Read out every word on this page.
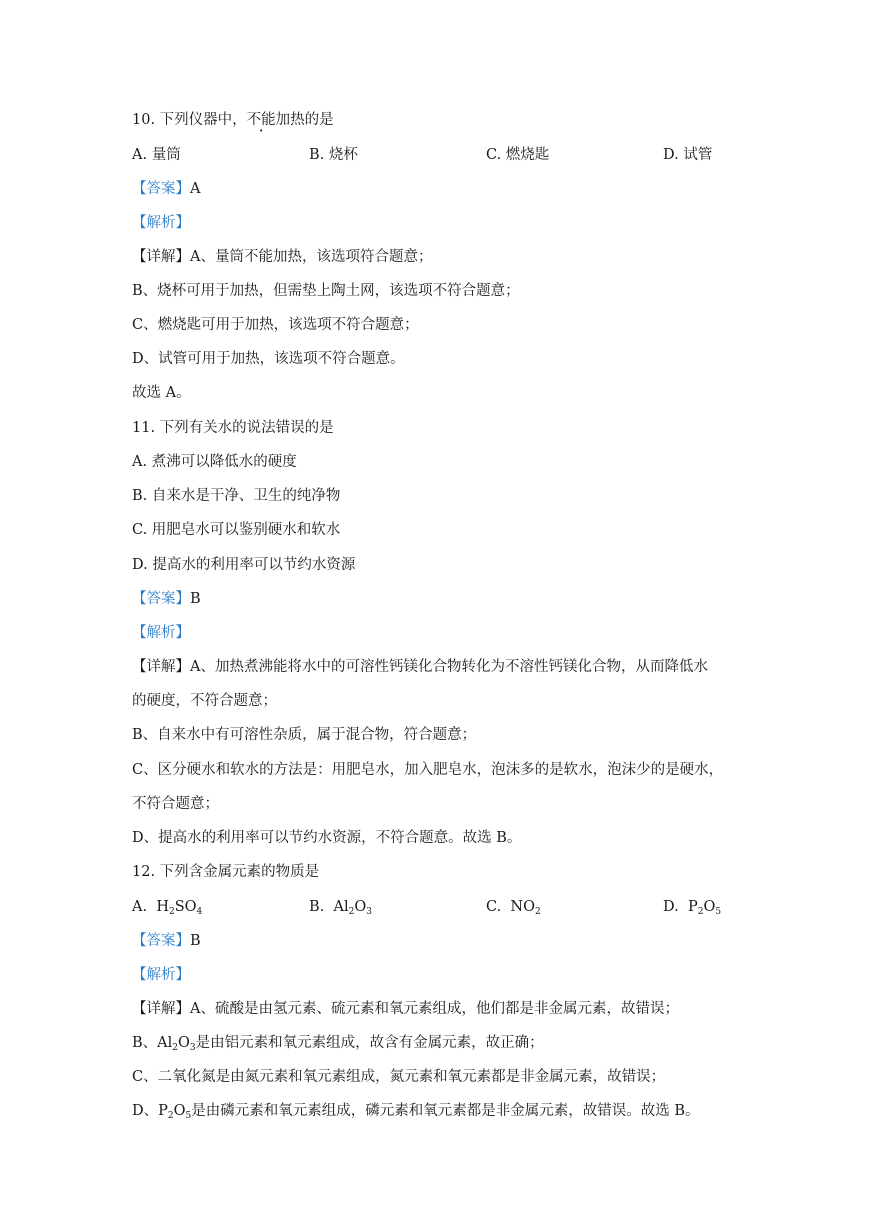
10. 下列仪器中，不能加热的是
A. 量筒	B. 烧杯	C. 燃烧匙	D. 试管
【答案】A
【解析】
【详解】A、量筒不能加热，该选项符合题意；
B、烧杯可用于加热，但需垫上陶土网，该选项不符合题意；
C、燃烧匙可用于加热，该选项不符合题意；
D、试管可用于加热，该选项不符合题意。
故选 A。
11. 下列有关水的说法错误的是
A. 煮沸可以降低水的硬度
B. 自来水是干净、卫生的纯净物
C. 用肥皂水可以鉴别硬水和软水
D. 提高水的利用率可以节约水资源
【答案】B
【解析】
【详解】A、加热煮沸能将水中的可溶性钙镁化合物转化为不溶性钙镁化合物，从而降低水
的硬度，不符合题意；
B、自来水中有可溶性杂质，属于混合物，符合题意；
C、区分硬水和软水的方法是：用肥皂水，加入肥皂水，泡沫多的是软水，泡沫少的是硬水，
不符合题意；
D、提高水的利用率可以节约水资源，不符合题意。故选 B。
12. 下列含金属元素的物质是
A. $H_2SO_4$	B. $Al_2O_3$	C. $NO_2$	D. $P_2O_5$
【答案】B
【解析】
【详解】A、硫酸是由氢元素、硫元素和氧元素组成，他们都是非金属元素，故错误；
B、$Al_2O_3$是由铝元素和氧元素组成，故含有金属元素，故正确；
C、二氧化氮是由氮元素和氧元素组成，氮元素和氧元素都是非金属元素，故错误；
D、$P_2O_5$是由磷元素和氧元素组成，磷元素和氧元素都是非金属元素，故错误。故选 B。
